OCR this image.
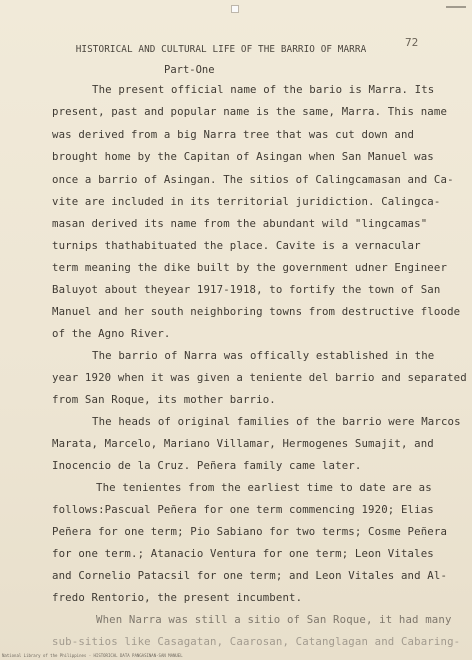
72
HISTORICAL AND CULTURAL LIFE OF THE BARRIO OF MARRA
Part-One
The present official name of the bario is Marra. Its
present, past and popular name is the same, Marra. This name
was derived from a big Narra tree that was cut down and
brought home by the Capitan of Asingan when San Manuel was
once a barrio of Asingan. The sitios of Calingcamasan and Ca-
vite are included in its territorial juridiction. Calingca-
masan derived its name from the abundant wild "lingcamas"
turnips thathabituated the place. Cavite is a vernacular
term meaning the dike built by the government udner Engineer
Baluyot about theyear 1917-1918, to fortify the town of San
Manuel and her south neighboring towns from destructive floode
of the Agno River.
The barrio of Narra was offically established in the
year 1920 when it was given a teniente del barrio and separated
from San Roque, its mother barrio.
The heads of original families of the barrio were Marcos
Marata, Marcelo, Mariano Villamar, Hermogenes Sumajit, and
Inocencio de la Cruz. Peñera family came later.
The tenientes from the earliest time to date are as
follows:Pascual Peñera for one term commencing 1920; Elias
Peñera for one term; Pio Sabiano for two terms; Cosme Peñera
for one term.; Atanacio Ventura for one term; Leon Vitales
and Cornelio Patacsil for one term; and Leon Vitales and Al-
fredo Rentorio, the present incumbent.
When Narra was still a sitio of San Roque, it had many
sub-sitios like Casagatan, Caarosan, Catanglagan and Cabaring-
National Library of the Philippines - HISTORICAL DATA PANGASINAN-SAN MANUEL
